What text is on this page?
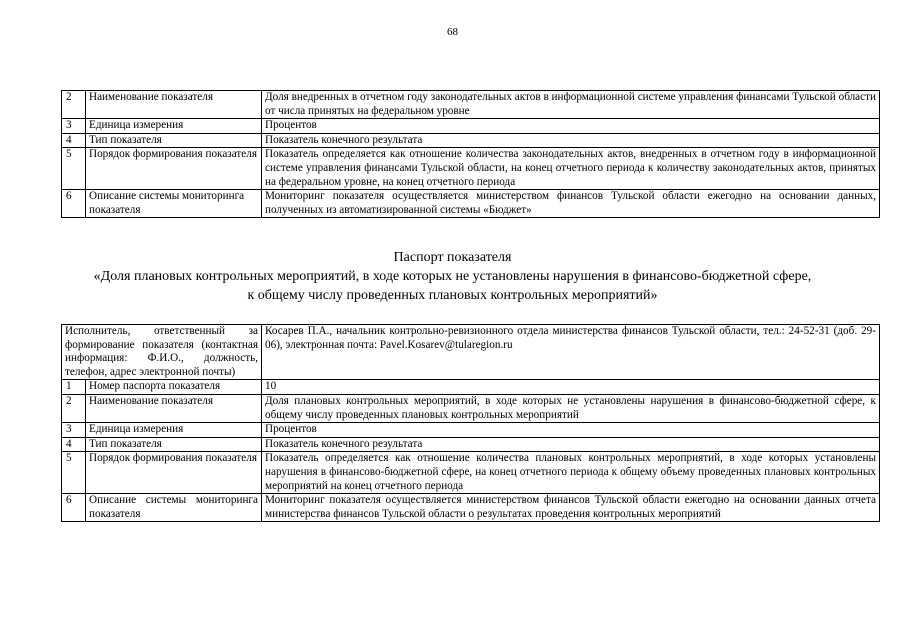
68
2	Наименование показателя	Доля внедренных в отчетном году законодательных актов в информационной системе управления финансами Тульской области от числа принятых на федеральном уровне
3	Единица измерения	Процентов
4	Тип показателя	Показатель конечного результата
5	Порядок формирования показателя	Показатель определяется как отношение количества законодательных актов, внедренных в отчетном году в информационной системе управления финансами Тульской области, на конец отчетного периода к количеству законодательных актов, принятых на федеральном уровне, на конец отчетного периода
6	Описание системы мониторинга показателя	Мониторинг показателя осуществляется министерством финансов Тульской области ежегодно на основании данных, полученных из автоматизированной системы «Бюджет»
Паспорт показателя
«Доля плановых контрольных мероприятий, в ходе которых не установлены нарушения в финансово-бюджетной сфере,
к общему числу проведенных плановых контрольных мероприятий»
Исполнитель, ответственный за формирование показателя (контактная информация: Ф.И.О., должность, телефон, адрес электронной почты)		Косарев П.А., начальник контрольно-ревизионного отдела министерства финансов Тульской области, тел.: 24-52-31 (доб. 29-06), электронная почта: Pavel.Kosarev@tularegion.ru
1	Номер паспорта показателя	10
2	Наименование показателя	Доля плановых контрольных мероприятий, в ходе которых не установлены нарушения в финансово-бюджетной сфере, к общему числу проведенных плановых контрольных мероприятий
3	Единица измерения	Процентов
4	Тип показателя	Показатель конечного результата
5	Порядок формирования показателя	Показатель определяется как отношение количества плановых контрольных мероприятий, в ходе которых установлены нарушения в финансово-бюджетной сфере, на конец отчетного периода к общему объему проведенных плановых контрольных мероприятий на конец отчетного периода
6	Описание системы мониторинга показателя	Мониторинг показателя осуществляется министерством финансов Тульской области ежегодно на основании данных отчета министерства финансов Тульской области о результатах проведения контрольных мероприятий
